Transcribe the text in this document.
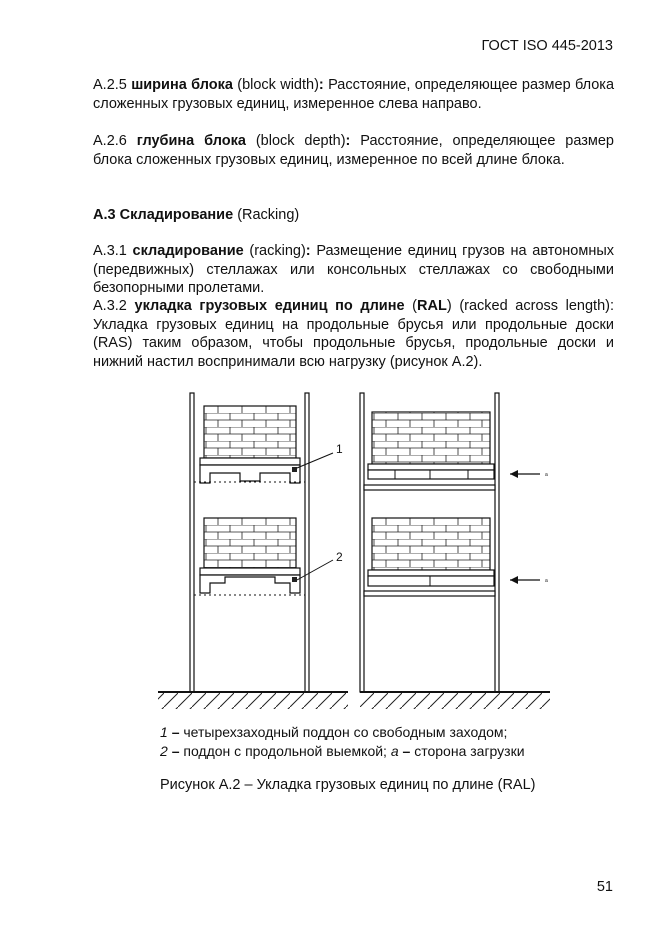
ГОСТ ISO 445-2013

А.2.5 ширина блока (block width): Расстояние, определяющее размер блока сложенных грузовых единиц, измеренное слева направо.

А.2.6 глубина блока (block depth): Расстояние, определяющее размер блока сложенных грузовых единиц, измеренное по всей длине блока.

А.3 Складирование (Racking)

А.3.1 складирование (racking): Размещение единиц грузов на автономных (передвижных) стеллажах или консольных стеллажах со свободными безопорными пролетами.

А.3.2 укладка грузовых единиц по длине (RAL) (racked across length): Укладка грузовых единиц на продольные брусья или продольные доски (RAS) таким образом, чтобы продольные брусья, продольные доски и нижний настил воспринимали всю нагрузку (рисунок А.2).

1
2
a
a
1 – четырехзаходный поддон со свободным заходом;
2 – поддон с продольной выемкой; а – сторона загрузки
Рисунок А.2 – Укладка грузовых единиц по длине (RAL)
51
